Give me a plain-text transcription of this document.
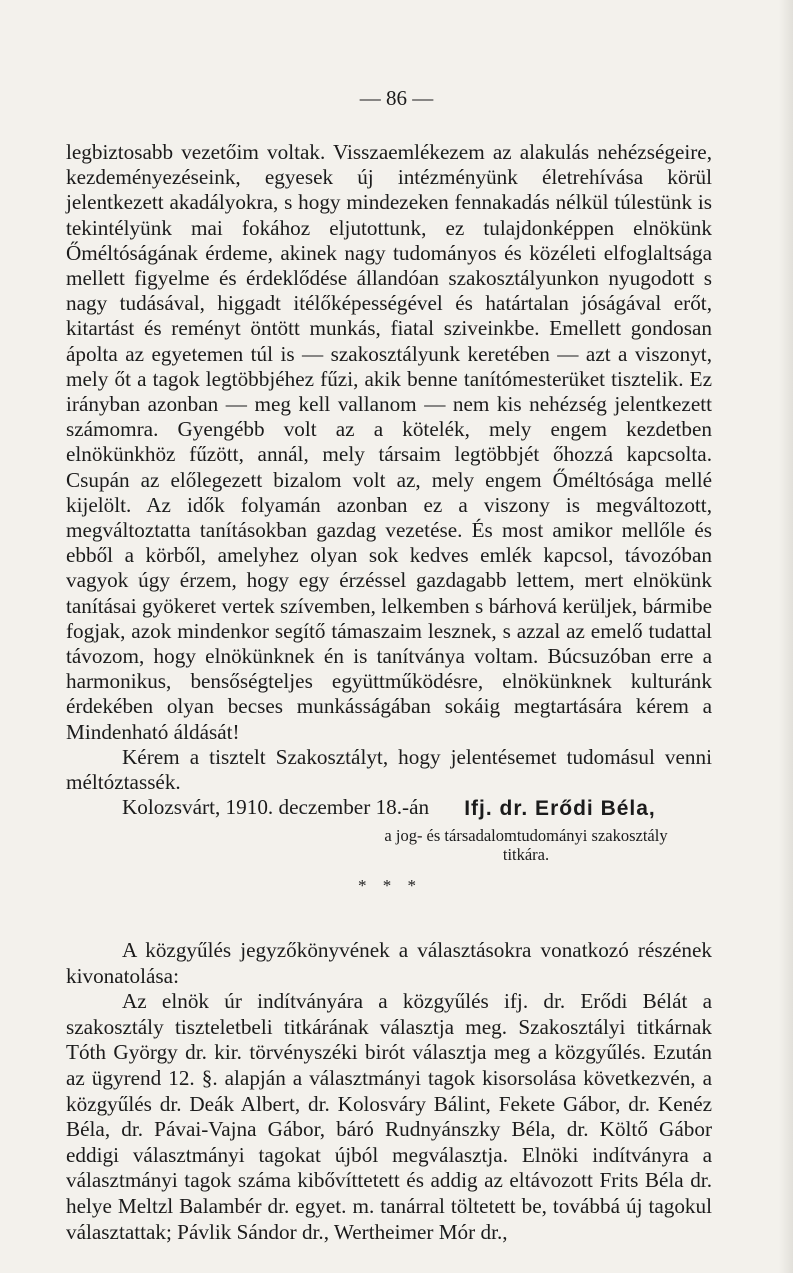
— 86 —

legbiztosabb vezetőim voltak. Visszaemlékezem az alakulás nehézségeire, kezdeményezéseink, egyesek új intézményünk életrehívása körül jelentkezett akadályokra, s hogy mindezeken fennakadás nélkül túlestünk is tekintélyünk mai fokához eljutottunk, ez tulajdonképpen elnökünk Őméltóságának érdeme, akinek nagy tudományos és közéleti elfoglaltsága mellett figyelme és érdeklődése állandóan szakosztályunkon nyugodott s nagy tudásával, higgadt itélőképességével és határtalan jóságával erőt, kitartást és reményt öntött munkás, fiatal sziveinkbe. Emellett gondosan ápolta az egyetemen túl is — szakosztályunk keretében — azt a viszonyt, mely őt a tagok legtöbbjéhez fűzi, akik benne tanítómesterüket tisztelik. Ez irányban azonban — meg kell vallanom — nem kis nehézség jelentkezett számomra. Gyengébb volt az a kötelék, mely engem kezdetben elnökünkhöz fűzött, annál, mely társaim legtöbbjét őhozzá kapcsolta. Csupán az előlegezett bizalom volt az, mely engem Őméltósága mellé kijelölt. Az idők folyamán azonban ez a viszony is megváltozott, megváltoztatta tanításokban gazdag vezetése. És most amikor mellőle és ebből a körből, amelyhez olyan sok kedves emlék kapcsol, távozóban vagyok úgy érzem, hogy egy érzéssel gazdagabb lettem, mert elnökünk tanításai gyökeret vertek szívemben, lelkemben s bárhová kerüljek, bármibe fogjak, azok mindenkor segítő támaszaim lesznek, s azzal az emelő tudattal távozom, hogy elnökünknek én is tanítványa voltam. Búcsuzóban erre a harmonikus, bensőségteljes együttműködésre, elnökünknek kulturánk érdekében olyan becses munkásságában sokáig megtartására kérem a Mindenható áldását!

Kérem a tisztelt Szakosztályt, hogy jelentésemet tudomásul venni méltóztassék.

Kolozsvárt, 1910. deczember 18.-án	Ifj. dr. Erődi Béla,
a jog- és társadalomtudományi szakosztály
titkára.
* * *

A közgyűlés jegyzőkönyvének a választásokra vonatkozó részének kivonatolása:

Az elnök úr indítványára a közgyűlés ifj. dr. Erődi Bélát a szakosztály tiszteletbeli titkárának választja meg. Szakosztályi titkárnak Tóth György dr. kir. törvényszéki birót választja meg a közgyűlés. Ezután az ügyrend 12. §. alapján a választmányi tagok kisorsolása következvén, a közgyűlés dr. Deák Albert, dr. Kolosváry Bálint, Fekete Gábor, dr. Kenéz Béla, dr. Pávai-Vajna Gábor, báró Rudnyánszky Béla, dr. Költő Gábor eddigi választmányi tagokat újból megválasztja. Elnöki indítványra a választmányi tagok száma kibővíttetett és addig az eltávozott Frits Béla dr. helye Meltzl Balambér dr. egyet. m. tanárral töltetett be, továbbá új tagokul választattak; Pávlik Sándor dr., Wertheimer Mór dr.,
